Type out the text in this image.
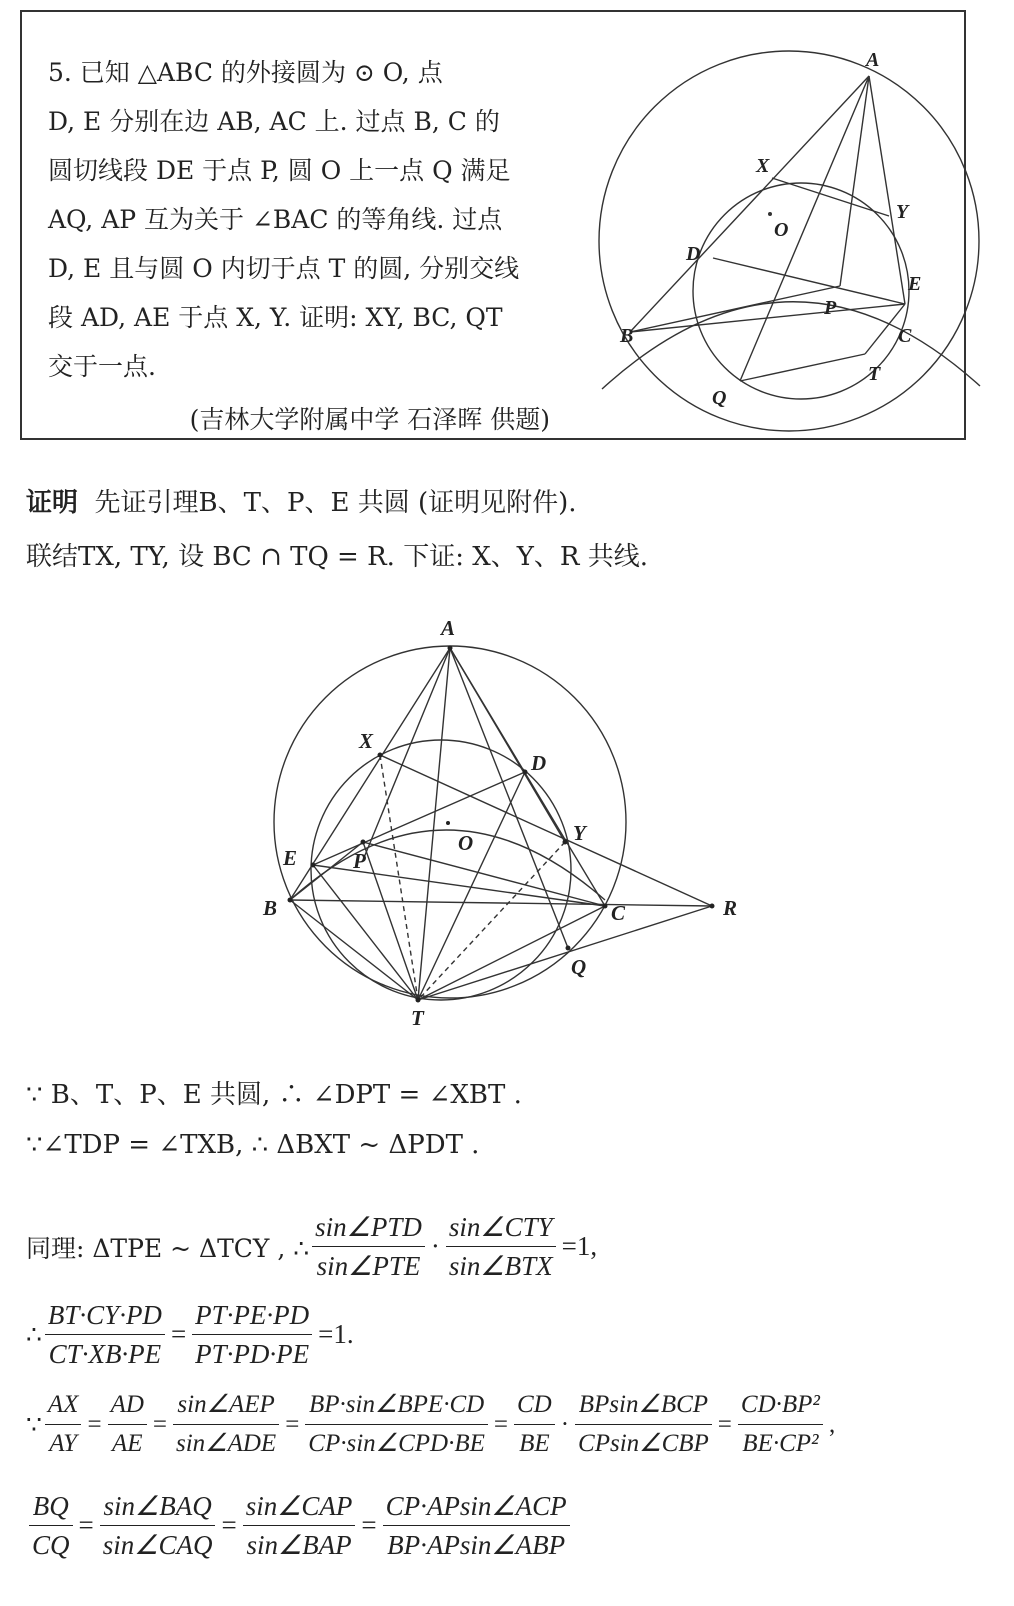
5. 已知 △ABC 的外接圆为 ⊙ O, 点
D, E 分别在边 AB, AC 上. 过点 B, C 的
圆切线段 DE 于点 P, 圆 O 上一点 Q 满足
AQ, AP 互为关于 ∠BAC 的等角线. 过点
D, E 且与圆 O 内切于点 T 的圆, 分别交线
段 AD, AE 于点 X, Y. 证明: XY, BC, QT
交于一点.
(吉林大学附属中学 石泽晖 供题)
A
X
Y
O
D
E
P
B	C
T
Q
证明 先证引理B、T、P、E 共圆 (证明见附件).
联结TX, TY, 设 BC ∩ TQ = R. 下证: X、Y、R 共线.
A
X
D
O	Y
E	P
B	C	R
Q
T
∵ B、T、P、E 共圆, ∴ ∠DPT = ∠XBT .
∵∠TDP = ∠TXB, ∴ ΔBXT ~ ΔPDT .
同理: ΔTPE ~ ΔTCY , ∴ $\frac{\text{sin∠PTD}}{\text{sin∠PTE}} \cdot \frac{\text{sin∠CTY}}{\text{sin∠BTX}} =1$,
∴ $\frac{BT\cdot CY\cdot PD}{CT\cdot XB\cdot PE} = \frac{PT\cdot PE\cdot PD}{PT\cdot PD\cdot PE} =1$.
∵ $\frac{AX}{AY} = \frac{AD}{AE} = \frac{\text{sin∠AEP}}{\text{sin∠ADE}} = \frac{\text{BP·sin∠BPE·CD}}{\text{CP·sin∠CPD·BE}} = \frac{CD}{BE} \cdot \frac{\text{BPsin∠BCP}}{\text{CPsin∠CBP}} = \frac{\text{CD·BP²}}{\text{BE·CP²}}$ ,
$\frac{BQ}{CQ} = \frac{\text{sin∠BAQ}}{\text{sin∠CAQ}} = \frac{\text{sin∠CAP}}{\text{sin∠BAP}} = \frac{\text{CP·APsin∠ACP}}{\text{BP·APsin∠ABP}}$
